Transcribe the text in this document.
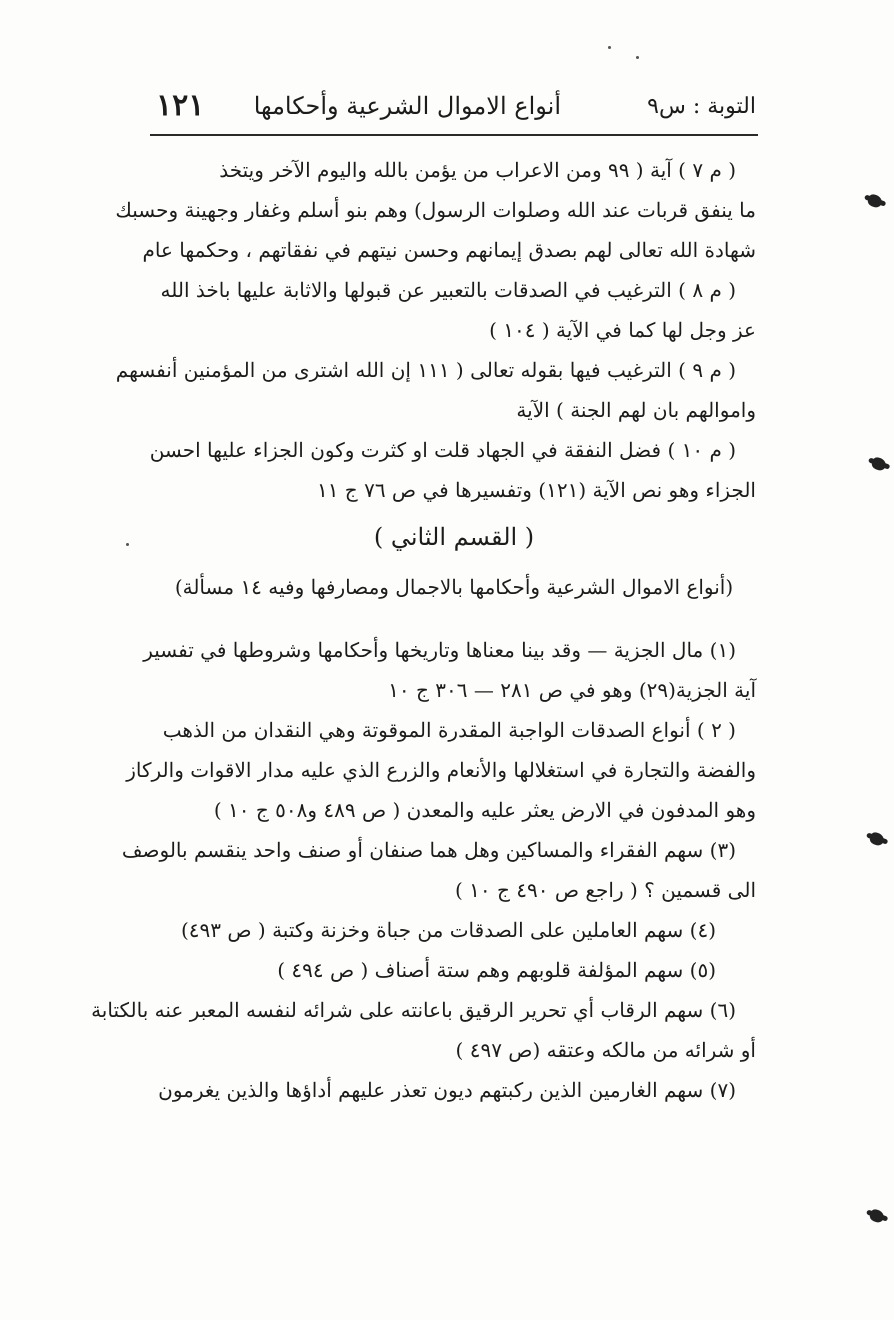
التوبة : س٩
أنواع الاموال الشرعية وأحكامها
١٢١
( م ٧ ) آية ( ٩٩ ومن الاعراب من يؤمن بالله واليوم الآخر ويتخذ
ما ينفق قربات عند الله وصلوات الرسول) وهم بنو أسلم وغفار وجهينة وحسبك
شهادة الله تعالى لهم بصدق إيمانهم وحسن نيتهم في نفقاتهم ، وحكمها عام
( م ٨ ) الترغيب في الصدقات بالتعبير عن قبولها والاثابة عليها باخذ الله
عز وجل لها كما في الآية ( ١٠٤ )
( م ٩ ) الترغيب فيها بقوله تعالى ( ١١١ إن الله اشترى من المؤمنين أنفسهم
واموالهم بان لهم الجنة ) الآية
( م ١٠ ) فضل النفقة في الجهاد قلت او كثرت وكون الجزاء عليها احسن
الجزاء وهو نص الآية (١٢١) وتفسيرها في ص ٧٦ ج ١١
( القسم الثاني )
(أنواع الاموال الشرعية وأحكامها بالاجمال ومصارفها وفيه ١٤ مسألة)
(١) مال الجزية — وقد بينا معناها وتاريخها وأحكامها وشروطها في تفسير
آية الجزية(٢٩) وهو في ص ٢٨١ — ٣٠٦ ج ١٠
( ٢ ) أنواع الصدقات الواجبة المقدرة الموقوتة وهي النقدان من الذهب
والفضة والتجارة في استغلالها والأنعام والزرع الذي عليه مدار الاقوات والركاز
وهو المدفون في الارض يعثر عليه والمعدن ( ص ٤٨٩ و٥٠٨ ج ١٠ )
(٣) سهم الفقراء والمساكين وهل هما صنفان أو صنف واحد ينقسم بالوصف
الى قسمين ؟ ( راجع ص ٤٩٠ ج ١٠ )
(٤) سهم العاملين على الصدقات من جباة وخزنة وكتبة ( ص ٤٩٣)
(٥) سهم المؤلفة قلوبهم وهم ستة أصناف ( ص ٤٩٤ )
(٦) سهم الرقاب أي تحرير الرقيق باعانته على شرائه لنفسه المعبر عنه بالكتابة
أو شرائه من مالكه وعتقه (ص ٤٩٧ )
(٧) سهم الغارمين الذين ركبتهم ديون تعذر عليهم أداؤها والذين يغرمون
